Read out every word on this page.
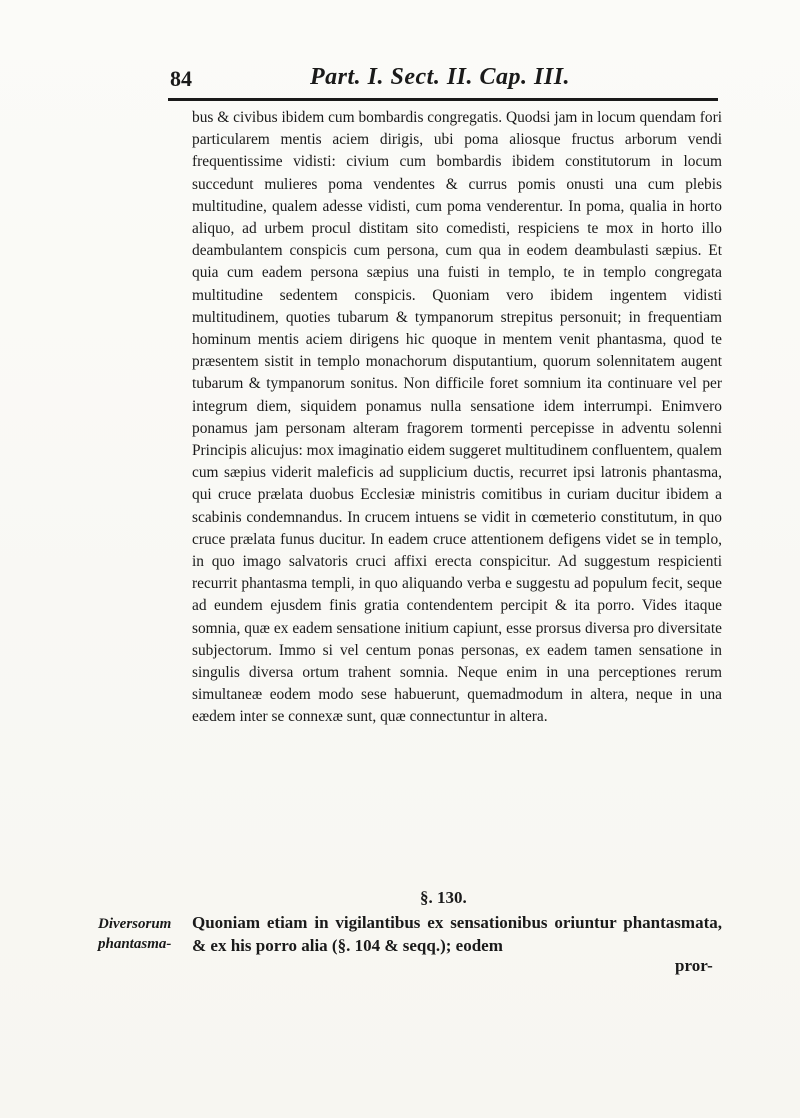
84	Part. I. Sect. II. Cap. III.

bus & civibus ibidem cum bombardis congregatis. Quodsi jam in locum quendam fori particularem mentis aciem dirigis, ubi poma aliosque fructus arborum vendi frequentissime vidisti: civium cum bombardis ibidem constitutorum in locum succedunt mulieres poma vendentes & currus pomis onusti una cum plebis multitudine, qualem adesse vidisti, cum poma venderentur. In poma, qualia in horto aliquo, ad urbem procul distitam sito comedisti, respiciens te mox in horto illo deambulantem conspicis cum persona, cum qua in eodem deambulasti sæpius. Et quia cum eadem persona sæpius una fuisti in templo, te in templo congregata multitudine sedentem conspicis. Quoniam vero ibidem ingentem vidisti multitudinem, quoties tubarum & tympanorum strepitus personuit; in frequentiam hominum mentis aciem dirigens hic quoque in mentem venit phantasma, quod te præsentem sistit in templo monachorum disputantium, quorum solennitatem augent tubarum & tympanorum sonitus. Non difficile foret somnium ita continuare vel per integrum diem, siquidem ponamus nulla sensatione idem interrumpi. Enimvero ponamus jam personam alteram fragorem tormenti percepisse in adventu solenni Principis alicujus: mox imaginatio eidem suggeret multitudinem confluentem, qualem cum sæpius viderit maleficis ad supplicium ductis, recurret ipsi latronis phantasma, qui cruce prælata duobus Ecclesiæ ministris comitibus in curiam ducitur ibidem a scabinis condemnandus. In crucem intuens se vidit in cœmeterio constitutum, in quo cruce prælata funus ducitur. In eadem cruce attentionem defigens videt se in templo, in quo imago salvatoris cruci affixi erecta conspicitur. Ad suggestum respicienti recurrit phantasma templi, in quo aliquando verba e suggestu ad populum fecit, seque ad eundem ejusdem finis gratia contendentem percipit & ita porro. Vides itaque somnia, quæ ex eadem sensatione initium capiunt, esse prorsus diversa pro diversitate subjectorum. Immo si vel centum ponas personas, ex eadem tamen sensatione in singulis diversa ortum trahent somnia. Neque enim in una perceptiones rerum simultaneæ eodem modo sese habuerunt, quemadmodum in altera, neque in una eædem inter se connexæ sunt, quæ connectuntur in altera.

§. 130.
Diversorum phantasma-

Quoniam etiam in vigilantibus ex sensationibus oriuntur phantasmata, & ex his porro alia (§. 104 & seqq.); eodem

pror-
